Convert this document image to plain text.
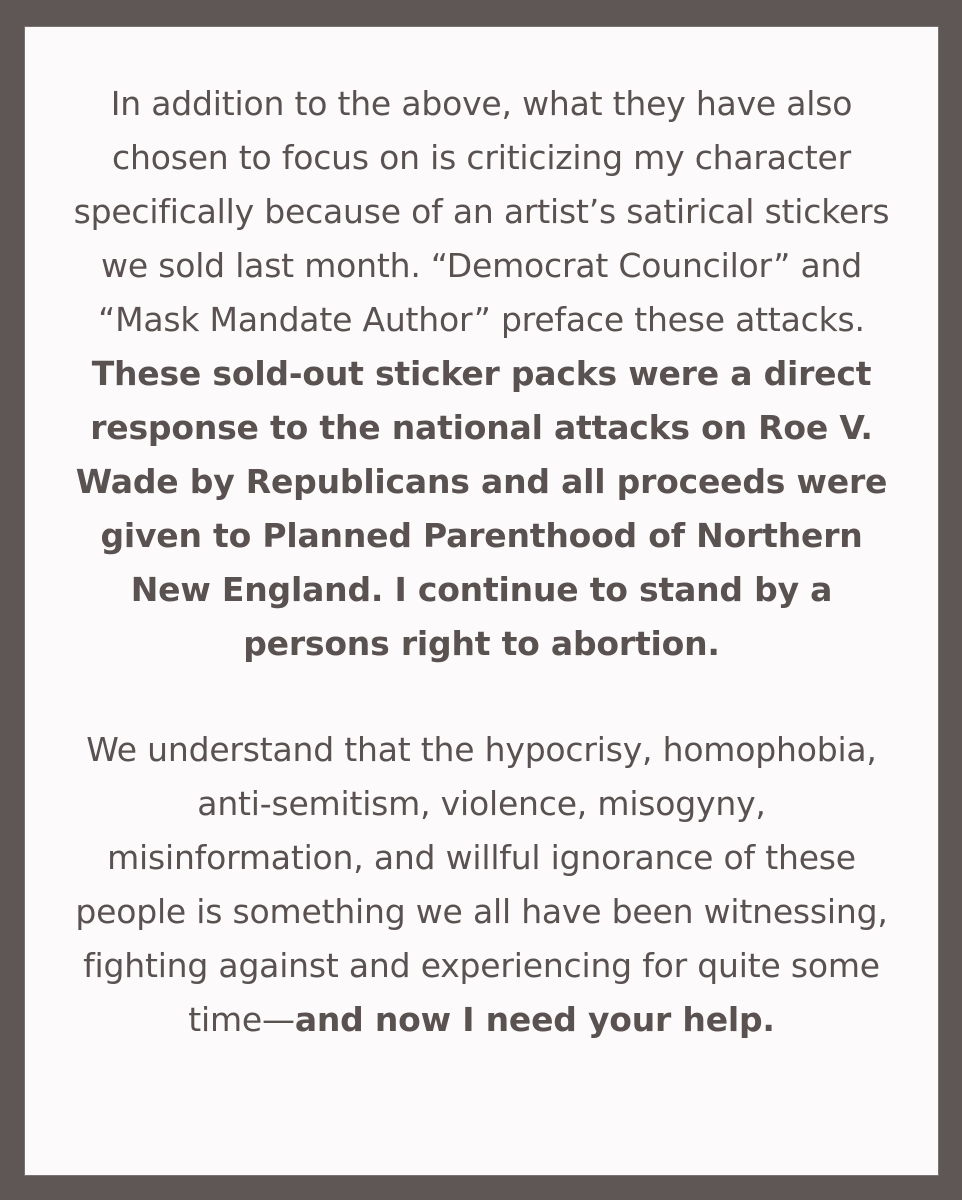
In addition to the above, what they have also chosen to focus on is criticizing my character specifically because of an artist’s satirical stickers we sold last month. “Democrat Councilor” and “Mask Mandate Author” preface these attacks. These sold-out sticker packs were a direct response to the national attacks on Roe V. Wade by Republicans and all proceeds were given to Planned Parenthood of Northern New England. I continue to stand by a persons right to abortion.

We understand that the hypocrisy, homophobia, anti-semitism, violence, misogyny, misinformation, and willful ignorance of these people is something we all have been witnessing, fighting against and experiencing for quite some time—and now I need your help.
